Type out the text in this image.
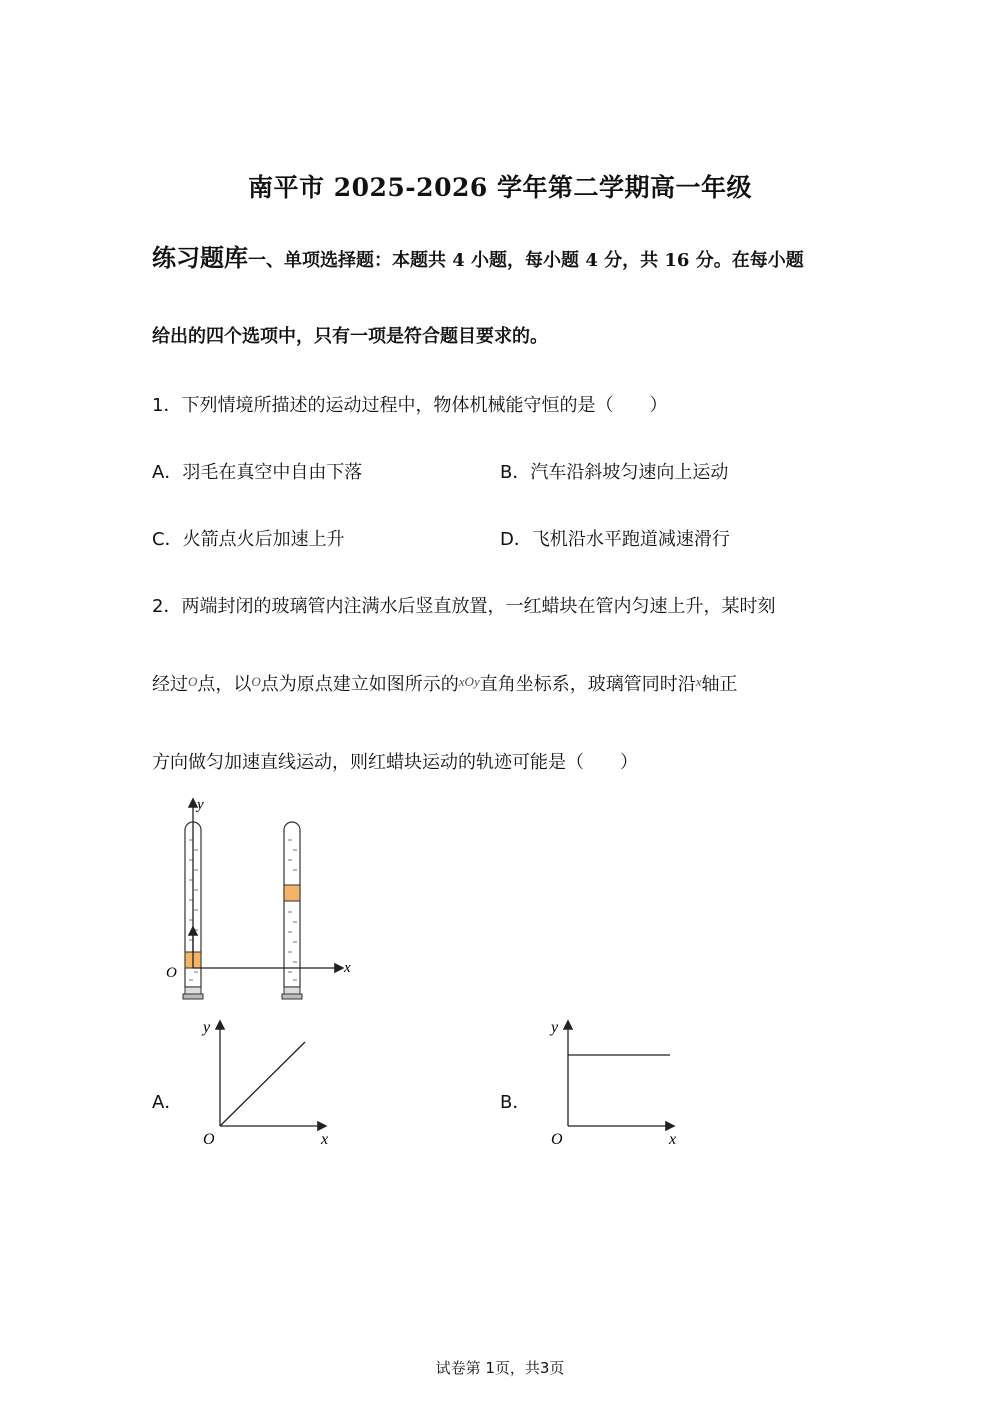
南平市 2025-2026 学年第二学期高一年级
练习题库一、单项选择题：本题共 4 小题，每小题 4 分，共 16 分。在每小题
给出的四个选项中，只有一项是符合题目要求的。
1．下列情境所描述的运动过程中，物体机械能守恒的是（　　）
A．羽毛在真空中自由下落	B．汽车沿斜坡匀速向上运动
C．火箭点火后加速上升	D．飞机沿水平跑道减速滑行
2．两端封闭的玻璃管内注满水后竖直放置，一红蜡块在管内匀速上升，某时刻
经过$^O$点，以$^O$点为原点建立如图所示的$^{xOy}$直角坐标系，玻璃管同时沿$^x$轴正
方向做匀加速直线运动，则红蜡块运动的轨迹可能是（　　）
y
x
O
A．
y
x
O
B．
y
x
O
试卷第 1页，共3页
